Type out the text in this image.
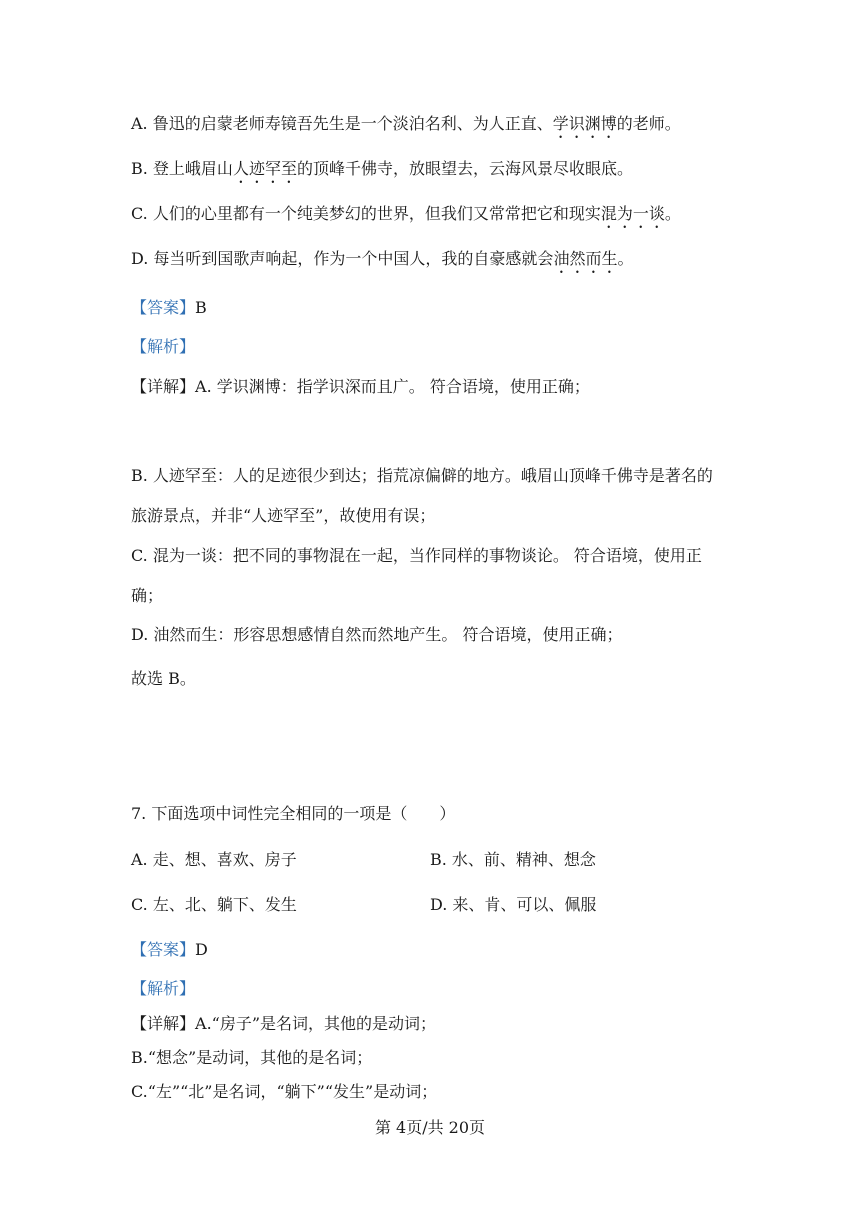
A. 鲁迅的启蒙老师寿镜吾先生是一个淡泊名利、为人正直、学识渊博的老师。
B. 登上峨眉山人迹罕至的顶峰千佛寺，放眼望去，云海风景尽收眼底。
C. 人们的心里都有一个纯美梦幻的世界，但我们又常常把它和现实混为一谈。
D. 每当听到国歌声响起，作为一个中国人，我的自豪感就会油然而生。
【答案】B
【解析】
【详解】A. 学识渊博：指学识深而且广。 符合语境，使用正确；
B. 人迹罕至：人的足迹很少到达；指荒凉偏僻的地方。峨眉山顶峰千佛寺是著名的
旅游景点，并非“人迹罕至”，故使用有误；
C. 混为一谈：把不同的事物混在一起，当作同样的事物谈论。 符合语境，使用正
确；
D. 油然而生：形容思想感情自然而然地产生。 符合语境，使用正确；
故选 B。
7. 下面选项中词性完全相同的一项是（　　）
A. 走、想、喜欢、房子	B. 水、前、精神、想念
C. 左、北、躺下、发生	D. 来、肯、可以、佩服
【答案】D
【解析】
【详解】A.“房子”是名词，其他的是动词；
B.“想念”是动词，其他的是名词；
C.“左”“北”是名词，“躺下”“发生”是动词；
第 4页/共 20页
